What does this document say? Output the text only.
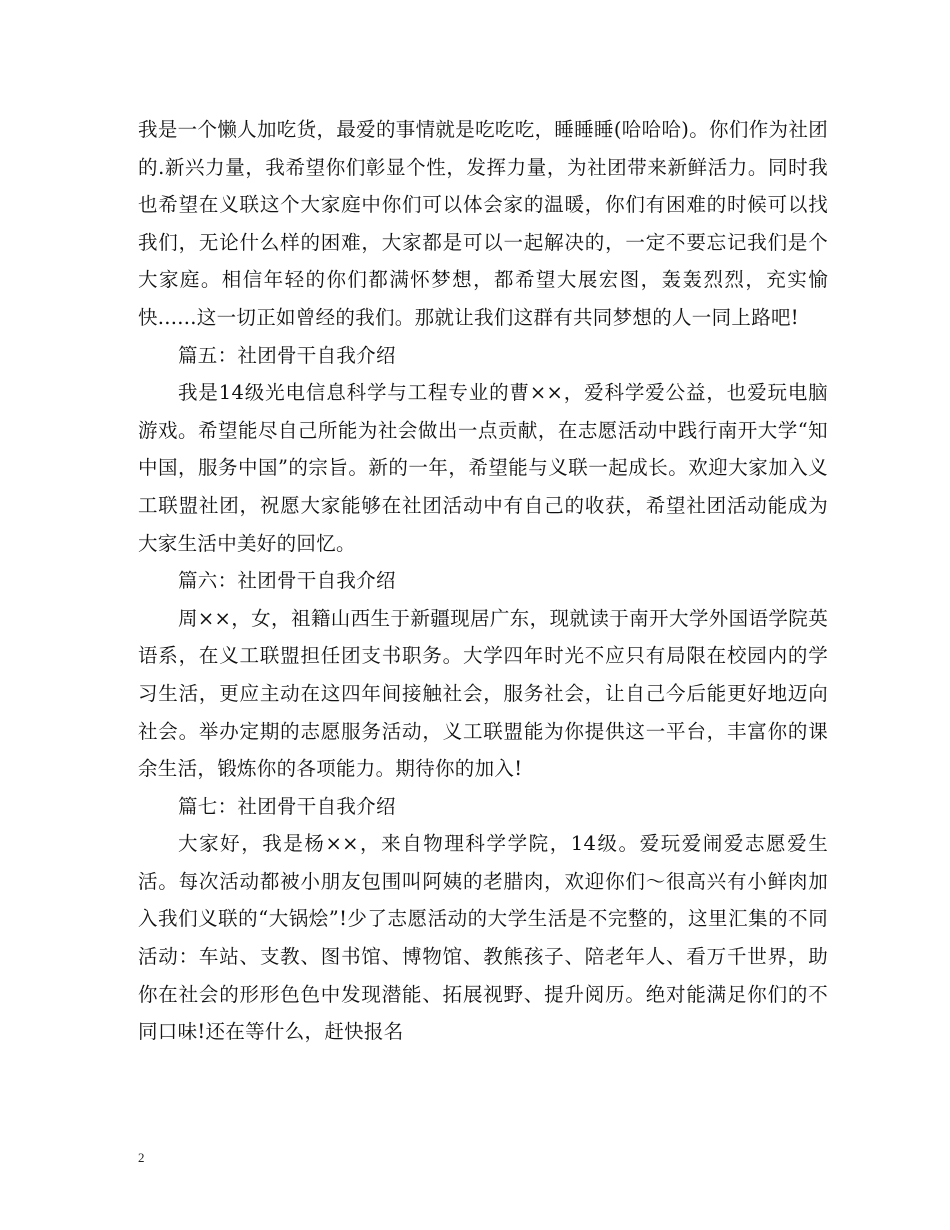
我是一个懒人加吃货，最爱的事情就是吃吃吃，睡睡睡(哈哈哈)。你们作为社团的.新兴力量，我希望你们彰显个性，发挥力量，为社团带来新鲜活力。同时我也希望在义联这个大家庭中你们可以体会家的温暖，你们有困难的时候可以找我们，无论什么样的困难，大家都是可以一起解决的，一定不要忘记我们是个大家庭。相信年轻的你们都满怀梦想，都希望大展宏图，轰轰烈烈，充实愉快......这一切正如曾经的我们。那就让我们这群有共同梦想的人一同上路吧!

篇五：社团骨干自我介绍

我是14级光电信息科学与工程专业的曹××，爱科学爱公益，也爱玩电脑游戏。希望能尽自己所能为社会做出一点贡献，在志愿活动中践行南开大学“知中国，服务中国”的宗旨。新的一年，希望能与义联一起成长。欢迎大家加入义工联盟社团，祝愿大家能够在社团活动中有自己的收获，希望社团活动能成为大家生活中美好的回忆。

篇六：社团骨干自我介绍

周××，女，祖籍山西生于新疆现居广东，现就读于南开大学外国语学院英语系，在义工联盟担任团支书职务。大学四年时光不应只有局限在校园内的学习生活，更应主动在这四年间接触社会，服务社会，让自己今后能更好地迈向社会。举办定期的志愿服务活动，义工联盟能为你提供这一平台，丰富你的课余生活，锻炼你的各项能力。期待你的加入!

篇七：社团骨干自我介绍

大家好，我是杨××，来自物理科学学院，14级。爱玩爱闹爱志愿爱生活。每次活动都被小朋友包围叫阿姨的老腊肉，欢迎你们～很高兴有小鲜肉加入我们义联的“大锅烩”!少了志愿活动的大学生活是不完整的，这里汇集的不同活动：车站、支教、图书馆、博物馆、教熊孩子、陪老年人、看万千世界，助你在社会的形形色色中发现潜能、拓展视野、提升阅历。绝对能满足你们的不同口味!还在等什么，赶快报名

2
